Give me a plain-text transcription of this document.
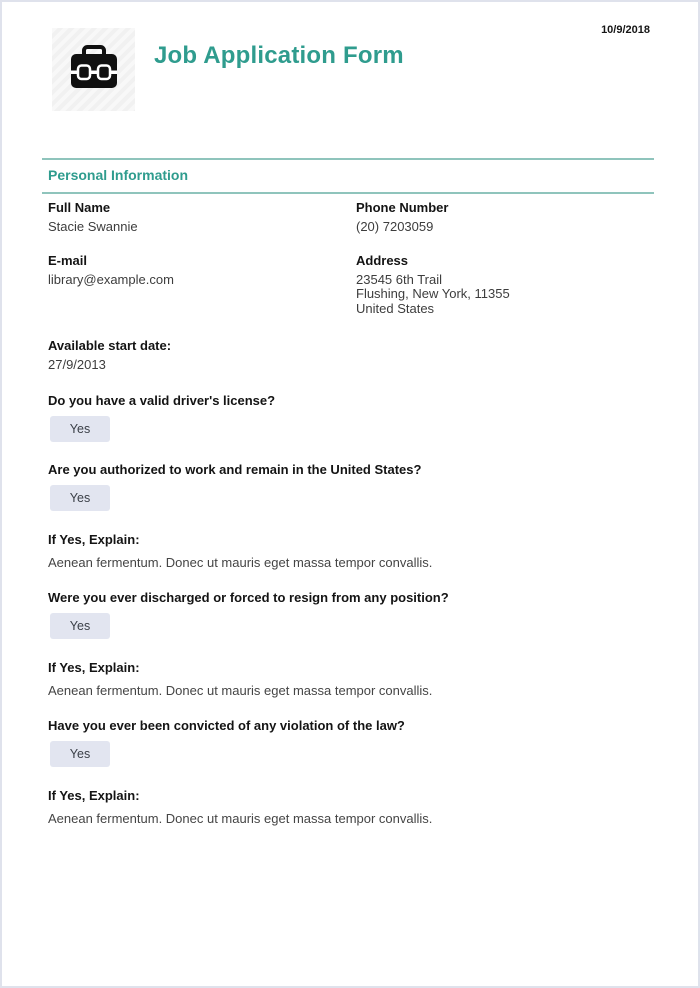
Job Application Form
10/9/2018
Personal Information
Full Name
Stacie Swannie
Phone Number
(20) 7203059
E-mail
library@example.com
Address
23545 6th Trail
Flushing, New York, 11355
United States
Available start date:
27/9/2013
Do you have a valid driver's license?
Yes
Are you authorized to work and remain in the United States?
Yes
If Yes, Explain:
Aenean fermentum. Donec ut mauris eget massa tempor convallis.
Were you ever discharged or forced to resign from any position?
Yes
If Yes, Explain:
Aenean fermentum. Donec ut mauris eget massa tempor convallis.
Have you ever been convicted of any violation of the law?
Yes
If Yes, Explain:
Aenean fermentum. Donec ut mauris eget massa tempor convallis.
